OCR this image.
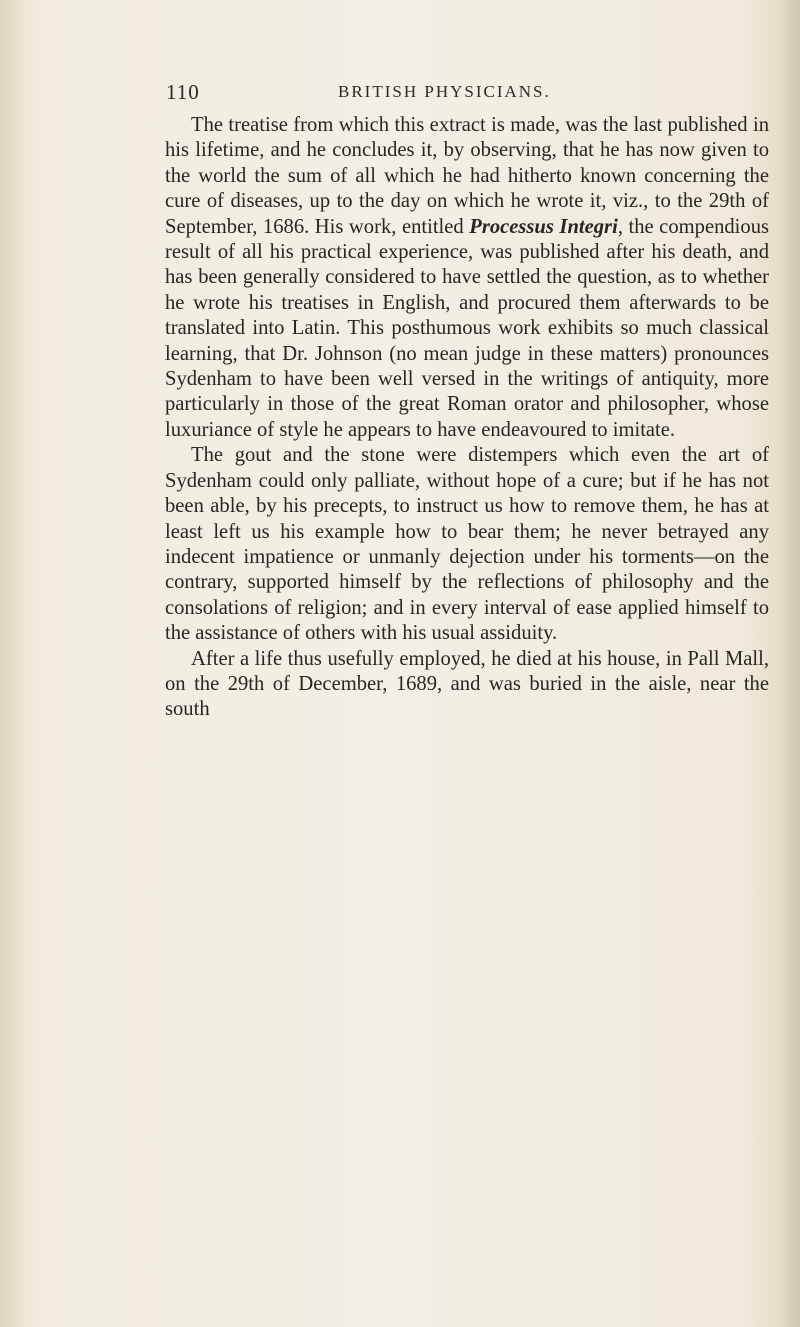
110	BRITISH PHYSICIANS.

The treatise from which this extract is made, was the last published in his lifetime, and he concludes it, by observing, that he has now given to the world the sum of all which he had hitherto known concerning the cure of diseases, up to the day on which he wrote it, viz., to the 29th of September, 1686. His work, entitled Processus Integri, the compendious result of all his practical experience, was published after his death, and has been generally considered to have settled the question, as to whether he wrote his treatises in English, and procured them afterwards to be translated into Latin. This posthumous work exhibits so much classical learning, that Dr. Johnson (no mean judge in these matters) pronounces Sydenham to have been well versed in the writings of antiquity, more particularly in those of the great Roman orator and philosopher, whose luxuriance of style he appears to have endeavoured to imitate.

The gout and the stone were distempers which even the art of Sydenham could only palliate, without hope of a cure; but if he has not been able, by his precepts, to instruct us how to remove them, he has at least left us his example how to bear them; he never betrayed any indecent impatience or unmanly dejection under his torments—on the contrary, supported himself by the reflections of philosophy and the consolations of religion; and in every interval of ease applied himself to the assistance of others with his usual assiduity.

After a life thus usefully employed, he died at his house, in Pall Mall, on the 29th of December, 1689, and was buried in the aisle, near the south
